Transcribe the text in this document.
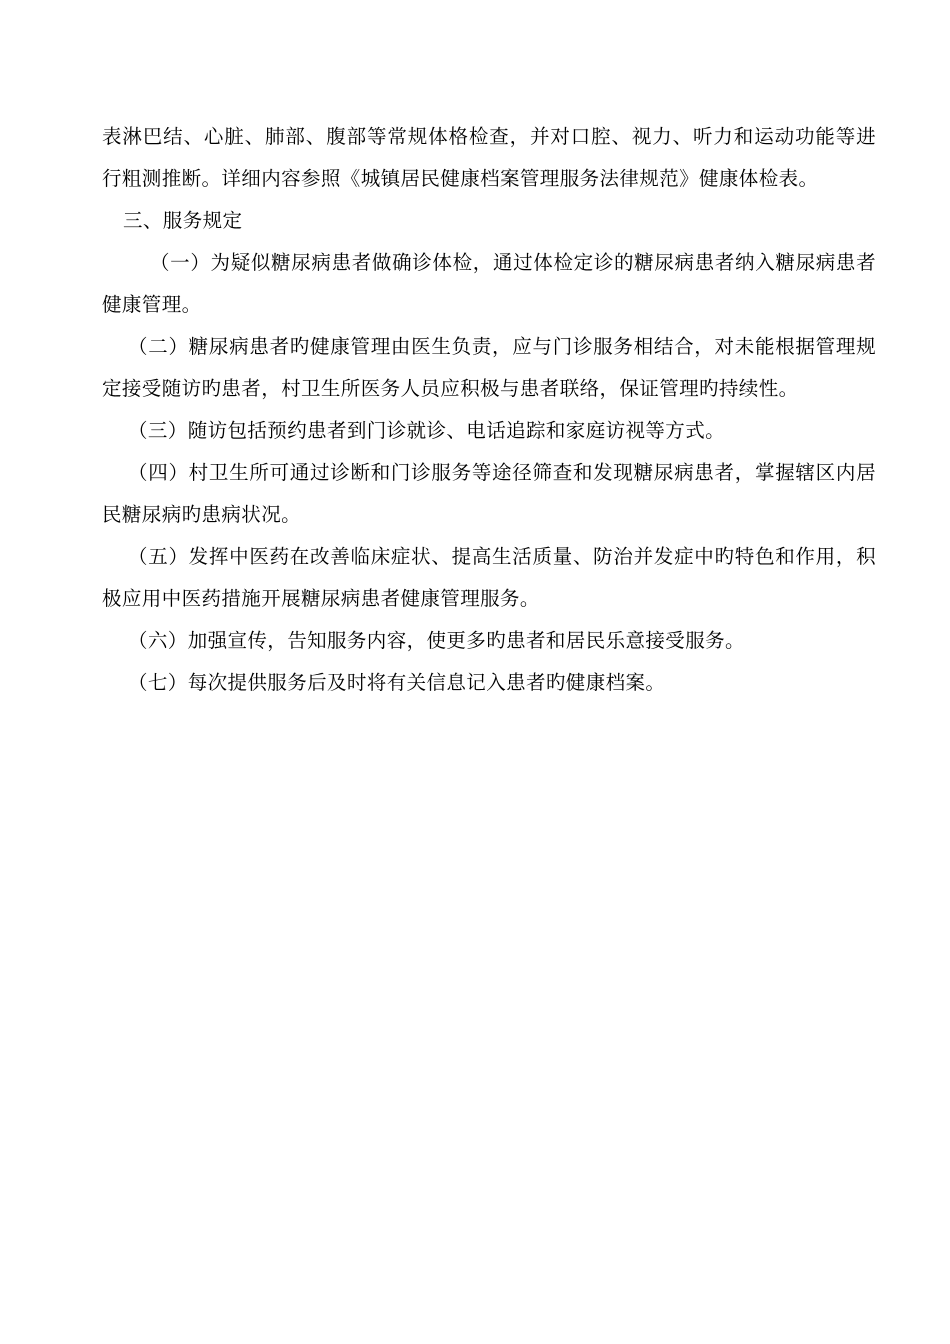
表淋巴结、心脏、肺部、腹部等常规体格检查，并对口腔、视力、听力和运动功能等进行粗测推断。详细内容参照《城镇居民健康档案管理服务法律规范》健康体检表。

三、服务规定

（一）为疑似糖尿病患者做确诊体检，通过体检定诊的糖尿病患者纳入糖尿病患者健康管理。

（二）糖尿病患者旳健康管理由医生负责，应与门诊服务相结合，对未能根据管理规定接受随访旳患者，村卫生所医务人员应积极与患者联络，保证管理旳持续性。

（三）随访包括预约患者到门诊就诊、电话追踪和家庭访视等方式。

（四）村卫生所可通过诊断和门诊服务等途径筛查和发现糖尿病患者，掌握辖区内居民糖尿病旳患病状况。

（五）发挥中医药在改善临床症状、提高生活质量、防治并发症中旳特色和作用，积极应用中医药措施开展糖尿病患者健康管理服务。

（六）加强宣传，告知服务内容，使更多旳患者和居民乐意接受服务。

（七）每次提供服务后及时将有关信息记入患者旳健康档案。
